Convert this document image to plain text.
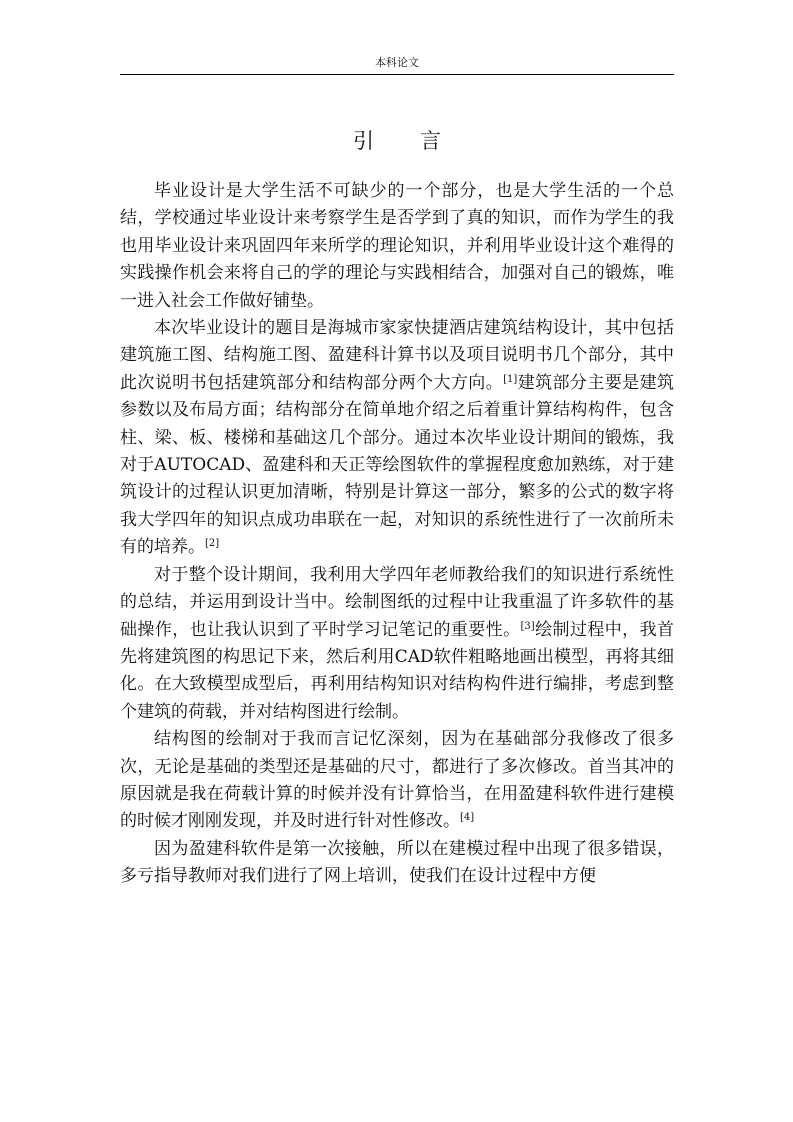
本科论文
引言

毕业设计是大学生活不可缺少的一个部分，也是大学生活的一个总结，学校通过毕业设计来考察学生是否学到了真的知识，而作为学生的我也用毕业设计来巩固四年来所学的理论知识，并利用毕业设计这个难得的实践操作机会来将自己的学的理论与实践相结合，加强对自己的锻炼，唯一进入社会工作做好铺垫。

本次毕业设计的题目是海城市家家快捷酒店建筑结构设计，其中包括建筑施工图、结构施工图、盈建科计算书以及项目说明书几个部分，其中此次说明书包括建筑部分和结构部分两个大方向。[1]建筑部分主要是建筑参数以及布局方面；结构部分在简单地介绍之后着重计算结构构件，包含柱、梁、板、楼梯和基础这几个部分。通过本次毕业设计期间的锻炼，我对于AUTOCAD、盈建科和天正等绘图软件的掌握程度愈加熟练，对于建筑设计的过程认识更加清晰，特别是计算这一部分，繁多的公式的数字将我大学四年的知识点成功串联在一起，对知识的系统性进行了一次前所未有的培养。[2]

对于整个设计期间，我利用大学四年老师教给我们的知识进行系统性的总结，并运用到设计当中。绘制图纸的过程中让我重温了许多软件的基础操作，也让我认识到了平时学习记笔记的重要性。[3]绘制过程中，我首先将建筑图的构思记下来，然后利用CAD软件粗略地画出模型，再将其细化。在大致模型成型后，再利用结构知识对结构构件进行编排，考虑到整个建筑的荷载，并对结构图进行绘制。

结构图的绘制对于我而言记忆深刻，因为在基础部分我修改了很多次，无论是基础的类型还是基础的尺寸，都进行了多次修改。首当其冲的原因就是我在荷载计算的时候并没有计算恰当，在用盈建科软件进行建模的时候才刚刚发现，并及时进行针对性修改。[4]

因为盈建科软件是第一次接触，所以在建模过程中出现了很多错误，多亏指导教师对我们进行了网上培训，使我们在设计过程中方便
